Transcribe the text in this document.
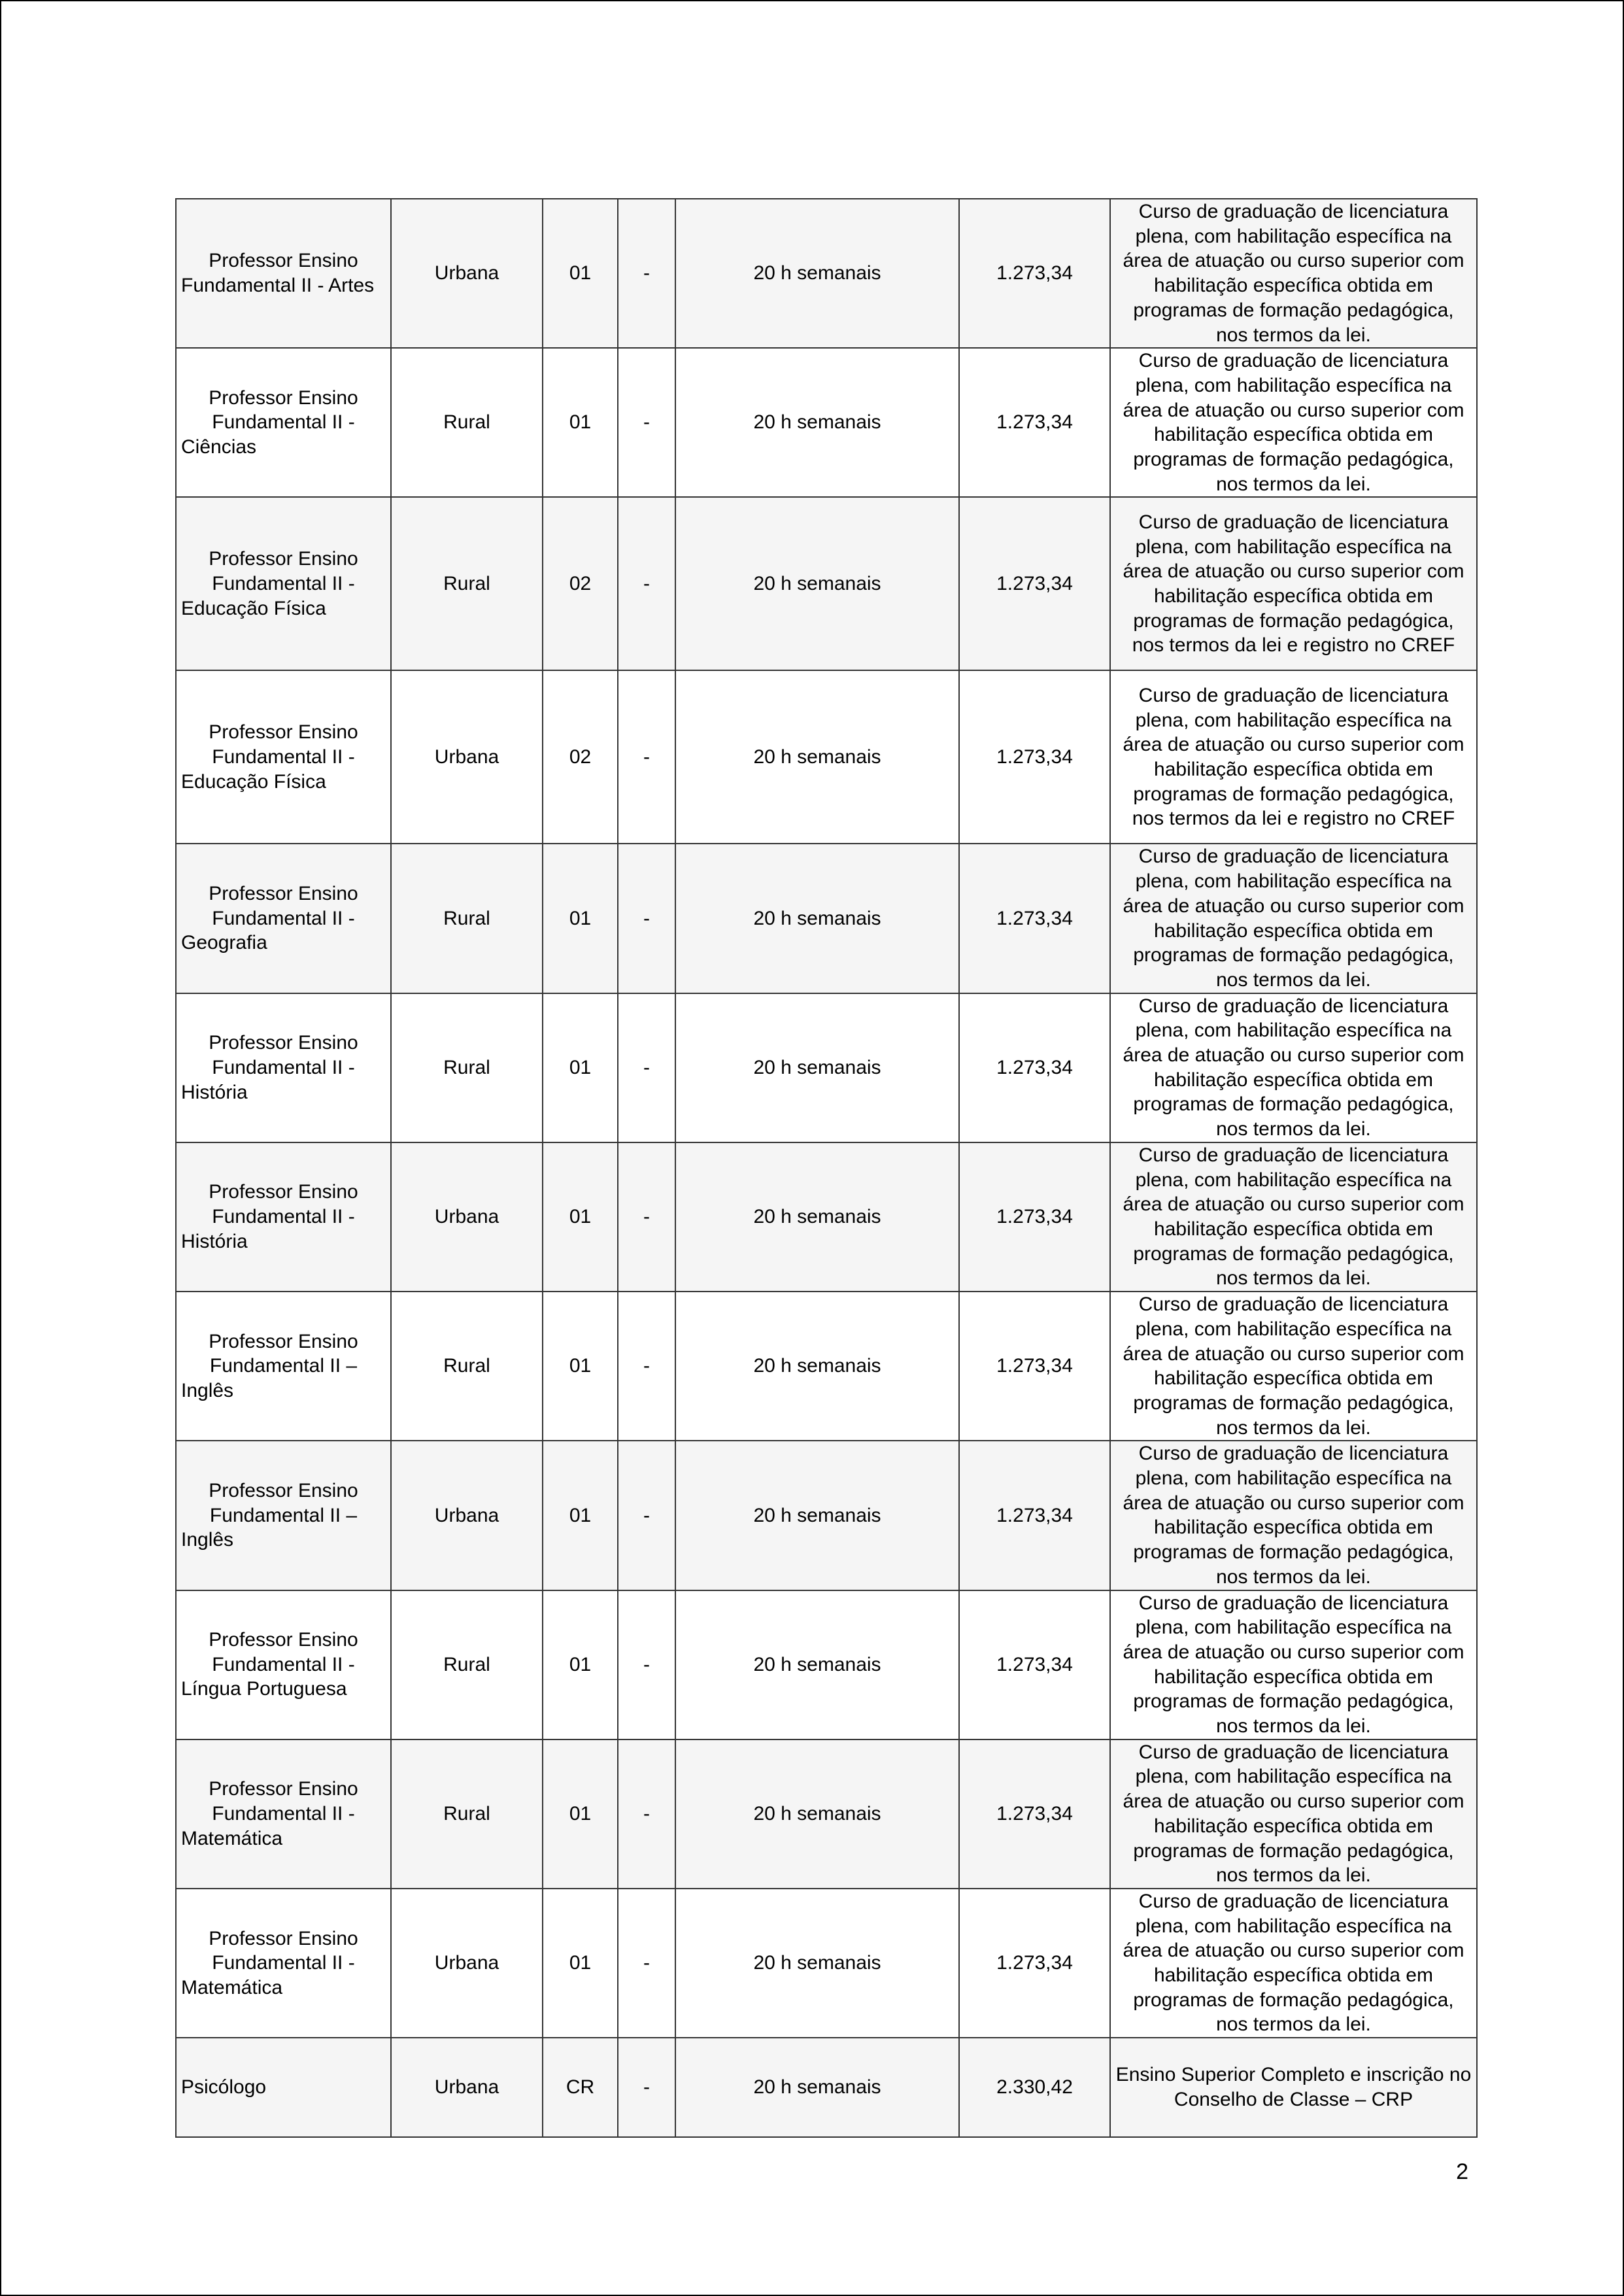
Professor Ensino Fundamental II - Artes	Urbana	01	-	20 h semanais	1.273,34	Curso de graduação de licenciatura plena, com habilitação específica na área de atuação ou curso superior com habilitação específica obtida em programas de formação pedagógica, nos termos da lei.
Professor Ensino Fundamental II - Ciências	Rural	01	-	20 h semanais	1.273,34	Curso de graduação de licenciatura plena, com habilitação específica na área de atuação ou curso superior com habilitação específica obtida em programas de formação pedagógica, nos termos da lei.
Professor Ensino Fundamental II - Educação Física	Rural	02	-	20 h semanais	1.273,34	Curso de graduação de licenciatura plena, com habilitação específica na área de atuação ou curso superior com habilitação específica obtida em programas de formação pedagógica, nos termos da lei e registro no CREF
Professor Ensino Fundamental II - Educação Física	Urbana	02	-	20 h semanais	1.273,34	Curso de graduação de licenciatura plena, com habilitação específica na área de atuação ou curso superior com habilitação específica obtida em programas de formação pedagógica, nos termos da lei e registro no CREF
Professor Ensino Fundamental II - Geografia	Rural	01	-	20 h semanais	1.273,34	Curso de graduação de licenciatura plena, com habilitação específica na área de atuação ou curso superior com habilitação específica obtida em programas de formação pedagógica, nos termos da lei.
Professor Ensino Fundamental II - História	Rural	01	-	20 h semanais	1.273,34	Curso de graduação de licenciatura plena, com habilitação específica na área de atuação ou curso superior com habilitação específica obtida em programas de formação pedagógica, nos termos da lei.
Professor Ensino Fundamental II - História	Urbana	01	-	20 h semanais	1.273,34	Curso de graduação de licenciatura plena, com habilitação específica na área de atuação ou curso superior com habilitação específica obtida em programas de formação pedagógica, nos termos da lei.
Professor Ensino Fundamental II – Inglês	Rural	01	-	20 h semanais	1.273,34	Curso de graduação de licenciatura plena, com habilitação específica na área de atuação ou curso superior com habilitação específica obtida em programas de formação pedagógica, nos termos da lei.
Professor Ensino Fundamental II – Inglês	Urbana	01	-	20 h semanais	1.273,34	Curso de graduação de licenciatura plena, com habilitação específica na área de atuação ou curso superior com habilitação específica obtida em programas de formação pedagógica, nos termos da lei.
Professor Ensino Fundamental II - Língua Portuguesa	Rural	01	-	20 h semanais	1.273,34	Curso de graduação de licenciatura plena, com habilitação específica na área de atuação ou curso superior com habilitação específica obtida em programas de formação pedagógica, nos termos da lei.
Professor Ensino Fundamental II - Matemática	Rural	01	-	20 h semanais	1.273,34	Curso de graduação de licenciatura plena, com habilitação específica na área de atuação ou curso superior com habilitação específica obtida em programas de formação pedagógica, nos termos da lei.
Professor Ensino Fundamental II - Matemática	Urbana	01	-	20 h semanais	1.273,34	Curso de graduação de licenciatura plena, com habilitação específica na área de atuação ou curso superior com habilitação específica obtida em programas de formação pedagógica, nos termos da lei.
Psicólogo	Urbana	CR	-	20 h semanais	2.330,42	Ensino Superior Completo e inscrição no Conselho de Classe – CRP
2
